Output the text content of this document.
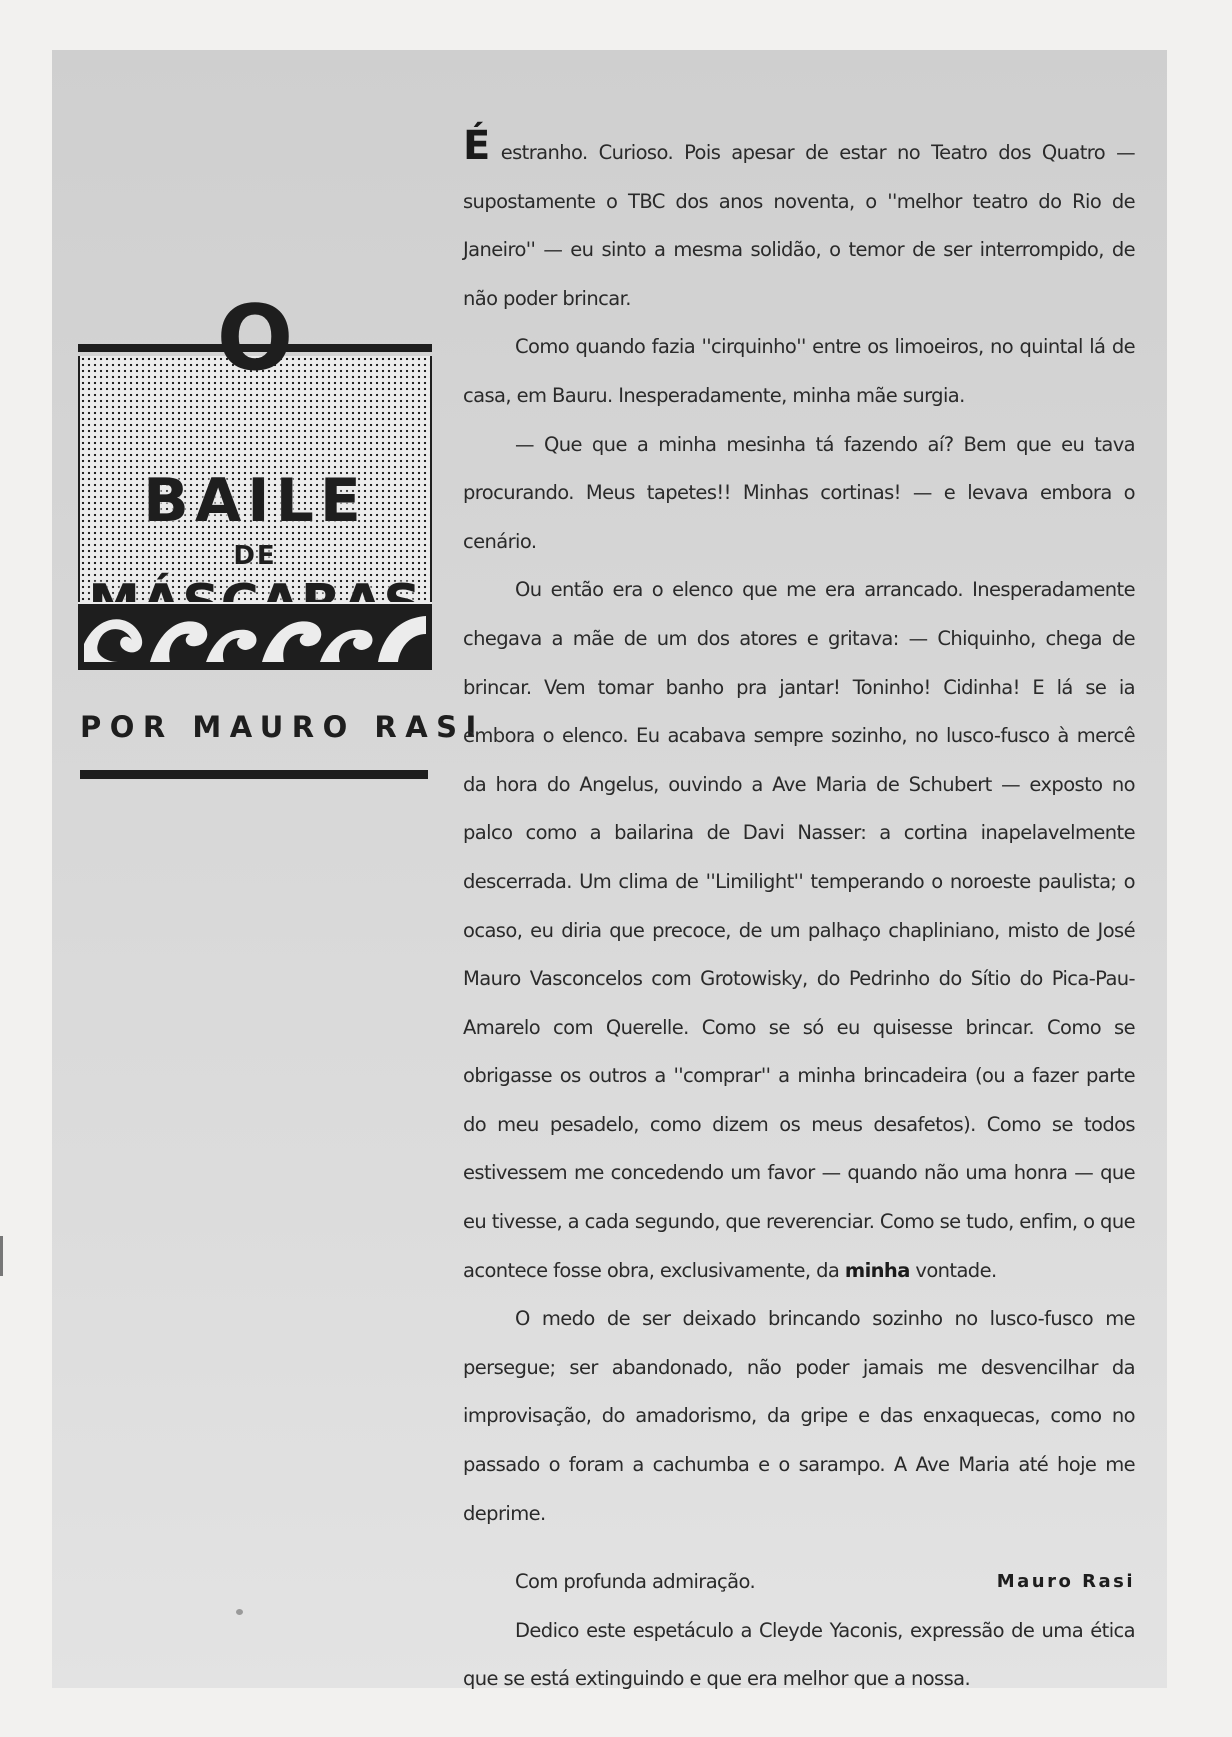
BAILE
DE
O
POR MAURO RASI

É estranho. Curioso. Pois apesar de estar no Teatro dos Quatro — supostamente o TBC dos anos noventa, o ''melhor teatro do Rio de Janeiro'' — eu sinto a mesma solidão, o temor de ser interrompido, de não poder brincar.

Como quando fazia ''cirquinho'' entre os limoeiros, no quintal lá de casa, em Bauru. Inesperadamente, minha mãe surgia.

— Que que a minha mesinha tá fazendo aí? Bem que eu tava procurando. Meus tapetes!! Minhas cortinas! — e levava embora o cenário.

Ou então era o elenco que me era arrancado. Inesperadamente chegava a mãe de um dos atores e gritava: — Chiquinho, chega de brincar. Vem tomar banho pra jantar! Toninho! Cidinha! E lá se ia embora o elenco. Eu acabava sempre sozinho, no lusco-fusco à mercê da hora do Angelus, ouvindo a Ave Maria de Schubert — exposto no palco como a bailarina de Davi Nasser: a cortina inapelavelmente descerrada. Um clima de ''Limilight'' temperando o noroeste paulista; o ocaso, eu diria que precoce, de um palhaço chapliniano, misto de José Mauro Vasconcelos com Grotowisky, do Pedrinho do Sítio do Pica-Pau-Amarelo com Querelle. Como se só eu quisesse brincar. Como se obrigasse os outros a ''comprar'' a minha brincadeira (ou a fazer parte do meu pesadelo, como dizem os meus desafetos). Como se todos estivessem me concedendo um favor — quando não uma honra — que eu tivesse, a cada segundo, que reverenciar. Como se tudo, enfim, o que acontece fosse obra, exclusivamente, da minha vontade.

O medo de ser deixado brincando sozinho no lusco-fusco me persegue; ser abandonado, não poder jamais me desvencilhar da improvisação, do amadorismo, da gripe e das enxaquecas, como no passado o foram a cachumba e o sarampo. A Ave Maria até hoje me deprime.

Com profunda admiração.

Dedico este espetáculo a Cleyde Yaconis, expressão de uma ética que se está extinguindo e que era melhor que a nossa.

Mauro Rasi
